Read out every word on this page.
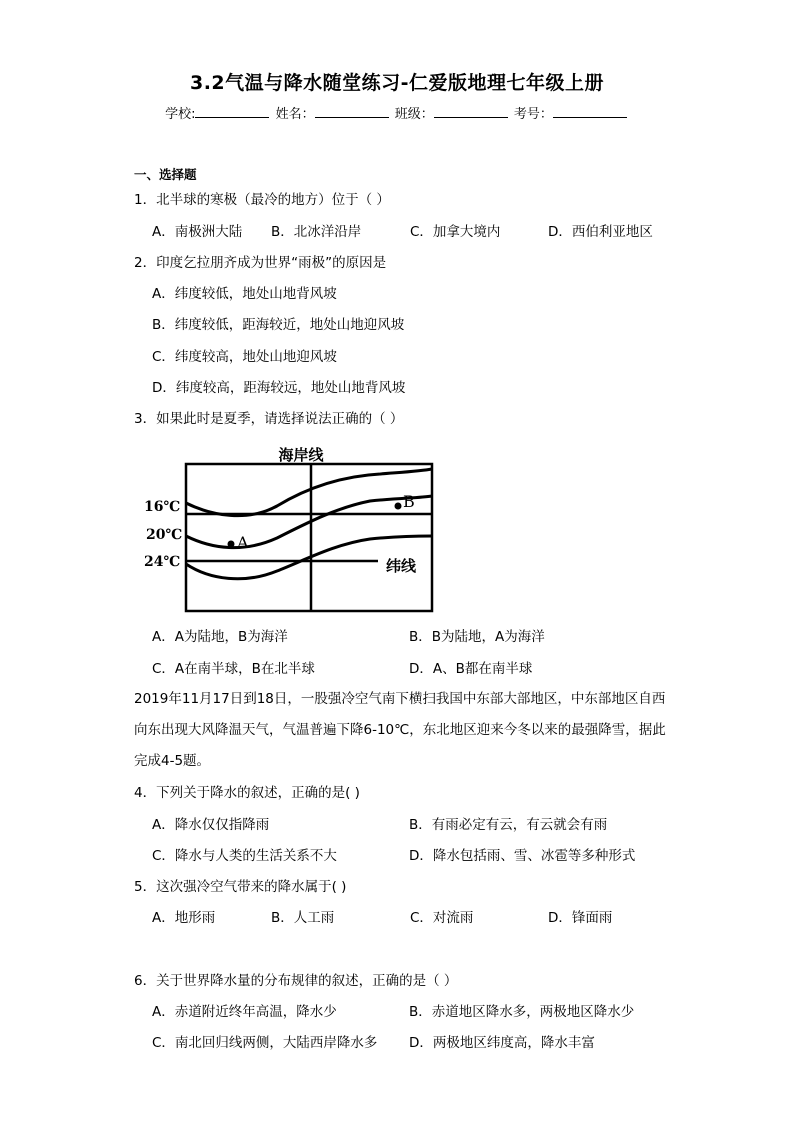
3.2气温与降水随堂练习-仁爱版地理七年级上册
学校:	姓名：	班级：	考号：
一、选择题
1．北半球的寒极（最冷的地方）位于（ ）
A．南极洲大陆 B．北冰洋沿岸	C．加拿大境内	D．西伯利亚地区
2．印度乞拉朋齐成为世界“雨极”的原因是
A．纬度较低，地处山地背风坡
B．纬度较低，距海较近，地处山地迎风坡
C．纬度较高，地处山地迎风坡
D．纬度较高，距海较远，地处山地背风坡
3．如果此时是夏季，请选择说法正确的（ ）
海岸线
16℃
20℃
24℃
A
B
纬线
A．A为陆地，B为海洋	B．B为陆地，A为海洋
C．A在南半球，B在北半球	D．A、B都在南半球
2019年11月17日到18日，一股强冷空气南下横扫我国中东部大部地区，中东部地区自西向东出现大风降温天气，气温普遍下降6-10℃，东北地区迎来今冬以来的最强降雪，据此完成4-5题。
4．下列关于降水的叙述，正确的是( )
A．降水仅仅指降雨	B．有雨必定有云，有云就会有雨
C．降水与人类的生活关系不大	D．降水包括雨、雪、冰雹等多种形式
5．这次强冷空气带来的降水属于( )
A．地形雨	B．人工雨	C．对流雨	D．锋面雨
6．关于世界降水量的分布规律的叙述，正确的是（ ）
A．赤道附近终年高温，降水少	B．赤道地区降水多，两极地区降水少
C．南北回归线两侧，大陆西岸降水多 D．两极地区纬度高，降水丰富
